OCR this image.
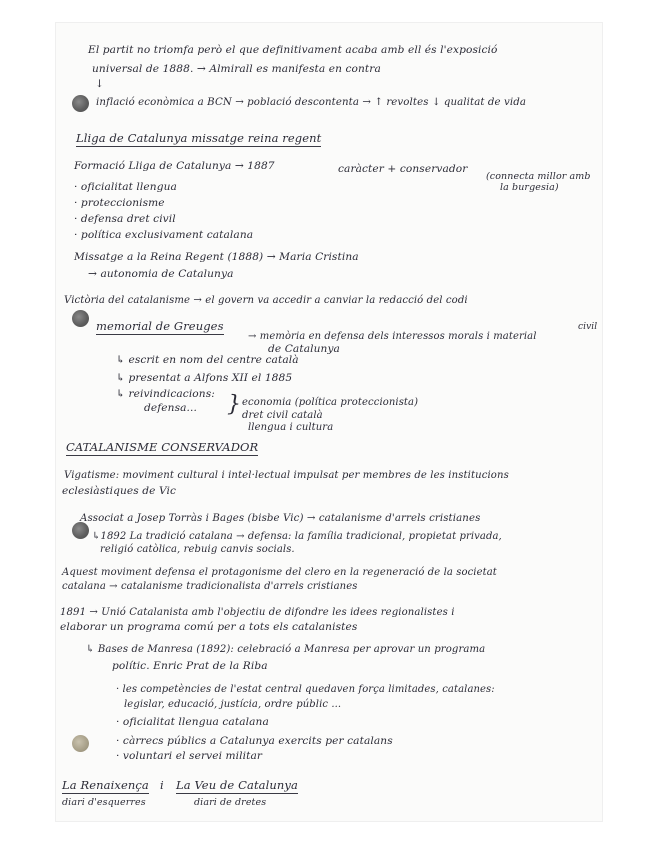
El partit no triomfa però el que definitivament acaba amb ell és l'exposició
universal de 1888. → Almirall es manifesta en contra
↓
inflació econòmica a BCN → població descontenta → ↑ revoltes ↓ qualitat de vida
Lliga de Catalunya missatge reina regent
Formació Lliga de Catalunya → 1887	caràcter + conservador
(connecta millor amb
la burgesia)
· oficialitat llengua
· proteccionisme
· defensa dret civil
· política exclusivament catalana
Missatge a la Reina Regent (1888) → Maria Cristina
→ autonomia de Catalunya
Victòria del catalanisme → el govern va accedir a canviar la redacció del codi
civil
memorial de Greuges
→ memòria en defensa dels interessos morals i material
de Catalunya
↳ escrit en nom del centre català
↳ presentat a Alfons XII el 1885
↳ reivindicacions:
defensa... } economia (política proteccionista)
dret civil català
llengua i cultura
CATALANISME CONSERVADOR
Vigatisme: moviment cultural i intel·lectual impulsat per membres de les institucions
eclesiàstiques de Vic
Associat a Josep Torràs i Bages (bisbe Vic) → catalanisme d'arrels cristianes
↳1892 La tradició catalana → defensa: la família tradicional, propietat privada,
religió catòlica, rebuig canvis socials.
Aquest moviment defensa el protagonisme del clero en la regeneració de la societat
catalana → catalanisme tradicionalista d'arrels cristianes
1891 → Unió Catalanista amb l'objectiu de difondre les idees regionalistes i
elaborar un programa comú per a tots els catalanistes
↳ Bases de Manresa (1892): celebració a Manresa per aprovar un programa
polític. Enric Prat de la Riba
· les competències de l'estat central quedaven força limitades, catalanes:
legislar, educació, justícia, ordre públic ...
· oficialitat llengua catalana
· càrrecs públics a Catalunya exercits per catalans
· voluntari el servei militar
La Renaixença i La Veu de Catalunya
diari d'esquerres	diari de dretes
